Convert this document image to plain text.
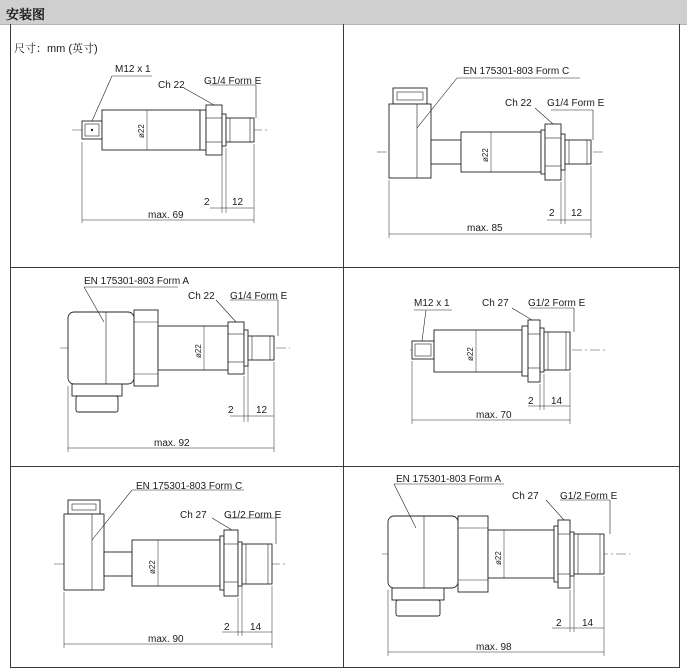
安装图
尺寸：mm (英寸)
ø22
M12 x 1
Ch 22 G1/4 Form E
2 12
max. 69
ø22
EN 175301-803 Form C
Ch 22 G1/4 Form E
2 12
max. 85
ø22
EN 175301-803 Form A
Ch 22 G1/4 Form E
2 12
max. 92
ø22
M12 x 1	Ch 27 G1/2 Form E
2 14
max. 70
ø22
EN 175301-803 Form C
Ch 27 G1/2 Form E
2 14
max. 90
ø22
EN 175301-803 Form A
Ch 27 G1/2 Form E
2 14
max. 98
